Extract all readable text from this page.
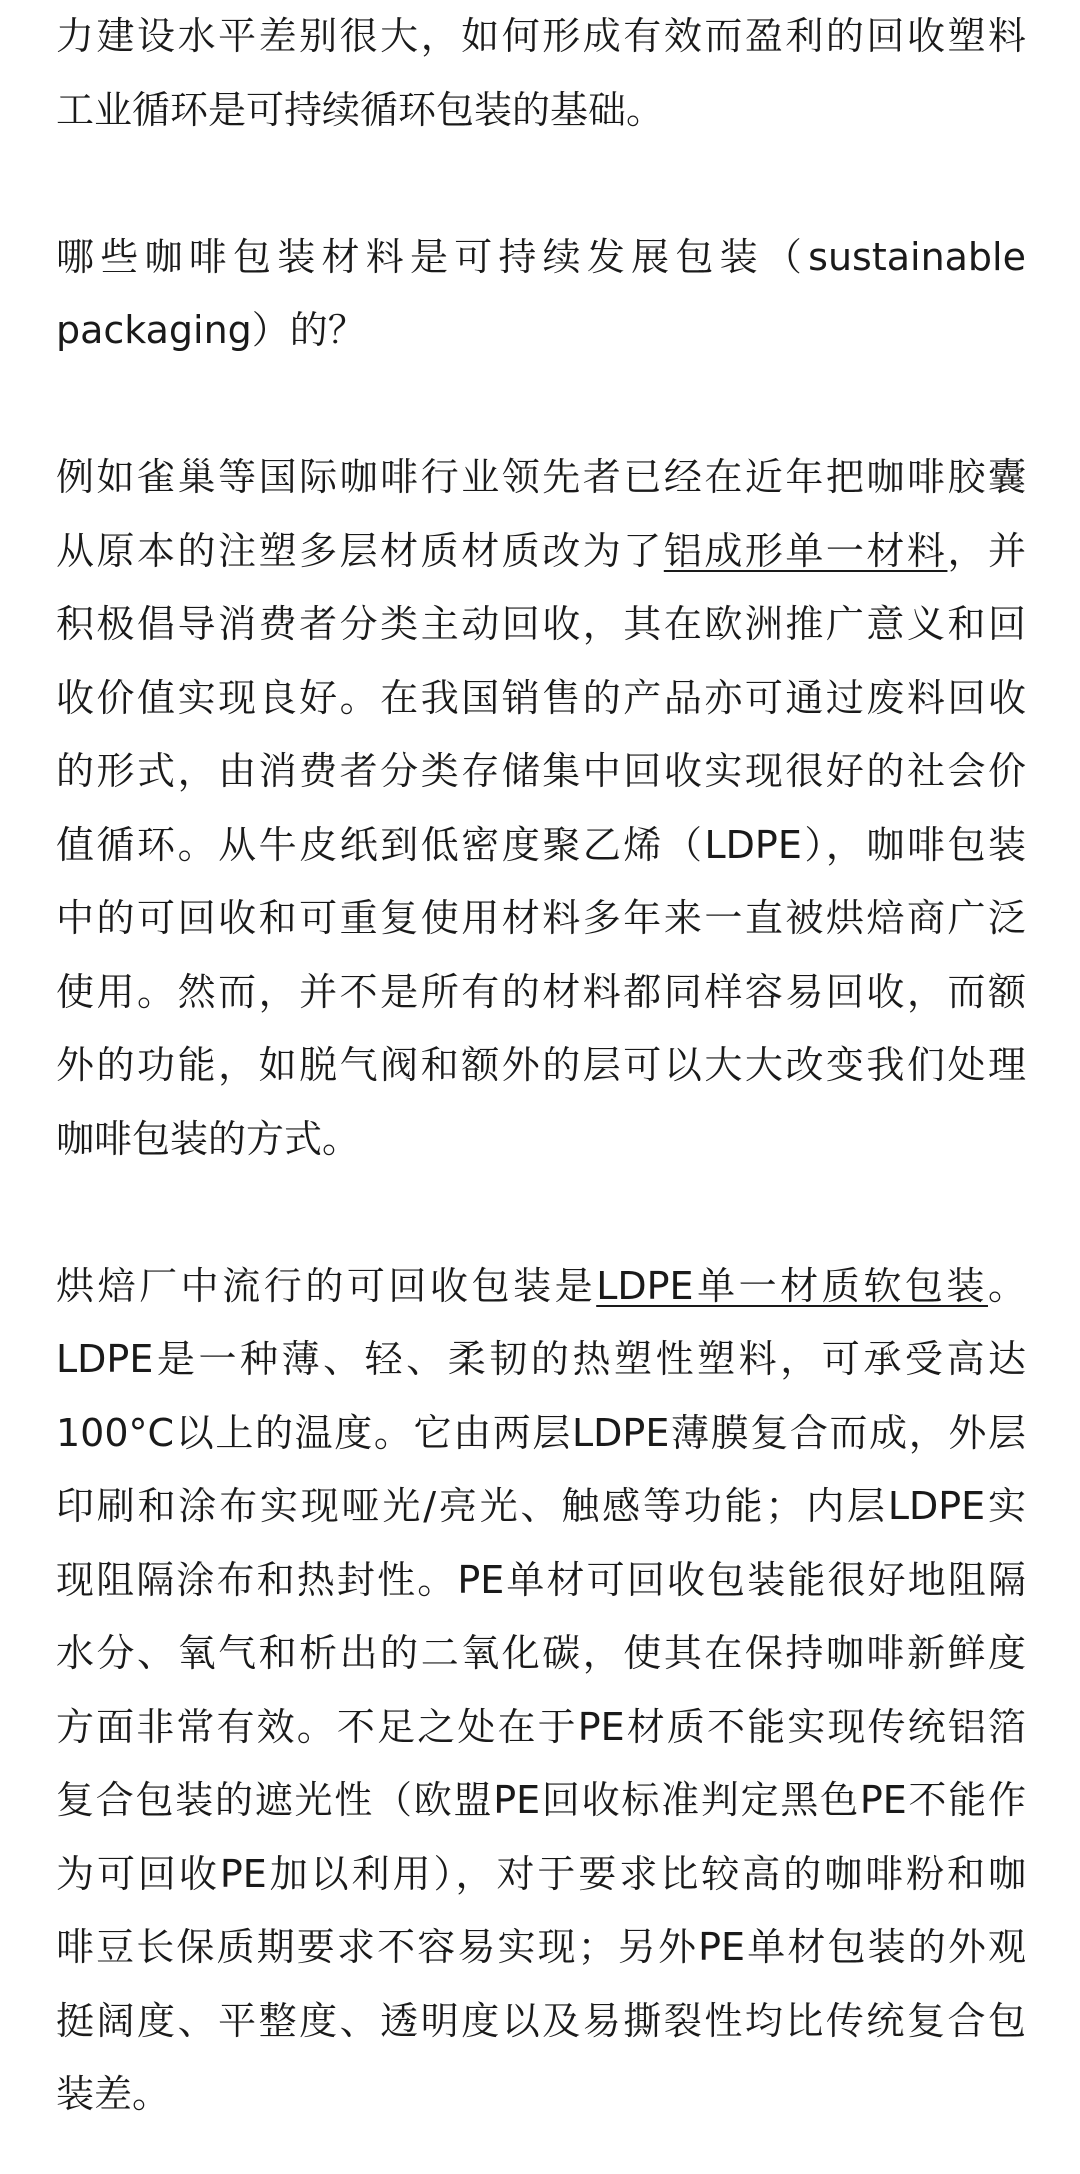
力建设水平差别很大，如何形成有效而盈利的回收塑料
工业循环是可持续循环包装的基础。
哪些咖啡包装材料是可持续发展包装（sustainable
packaging）的？
例如雀巢等国际咖啡行业领先者已经在近年把咖啡胶囊
从原本的注塑多层材质材质改为了铝成形单一材料，并
积极倡导消费者分类主动回收，其在欧洲推广意义和回
收价值实现良好。在我国销售的产品亦可通过废料回收
的形式，由消费者分类存储集中回收实现很好的社会价
值循环。从牛皮纸到低密度聚乙烯（LDPE），咖啡包装
中的可回收和可重复使用材料多年来一直被烘焙商广泛
使用。然而，并不是所有的材料都同样容易回收，而额
外的功能，如脱气阀和额外的层可以大大改变我们处理
咖啡包装的方式。
烘焙厂中流行的可回收包装是LDPE单一材质软包装。
LDPE是一种薄、轻、柔韧的热塑性塑料，可承受高达
100°C以上的温度。它由两层LDPE薄膜复合而成，外层
印刷和涂布实现哑光/亮光、触感等功能；内层LDPE实
现阻隔涂布和热封性。PE单材可回收包装能很好地阻隔
水分、氧气和析出的二氧化碳，使其在保持咖啡新鲜度
方面非常有效。不足之处在于PE材质不能实现传统铝箔
复合包装的遮光性（欧盟PE回收标准判定黑色PE不能作
为可回收PE加以利用），对于要求比较高的咖啡粉和咖
啡豆长保质期要求不容易实现；另外PE单材包装的外观
挺阔度、平整度、透明度以及易撕裂性均比传统复合包
装差。
